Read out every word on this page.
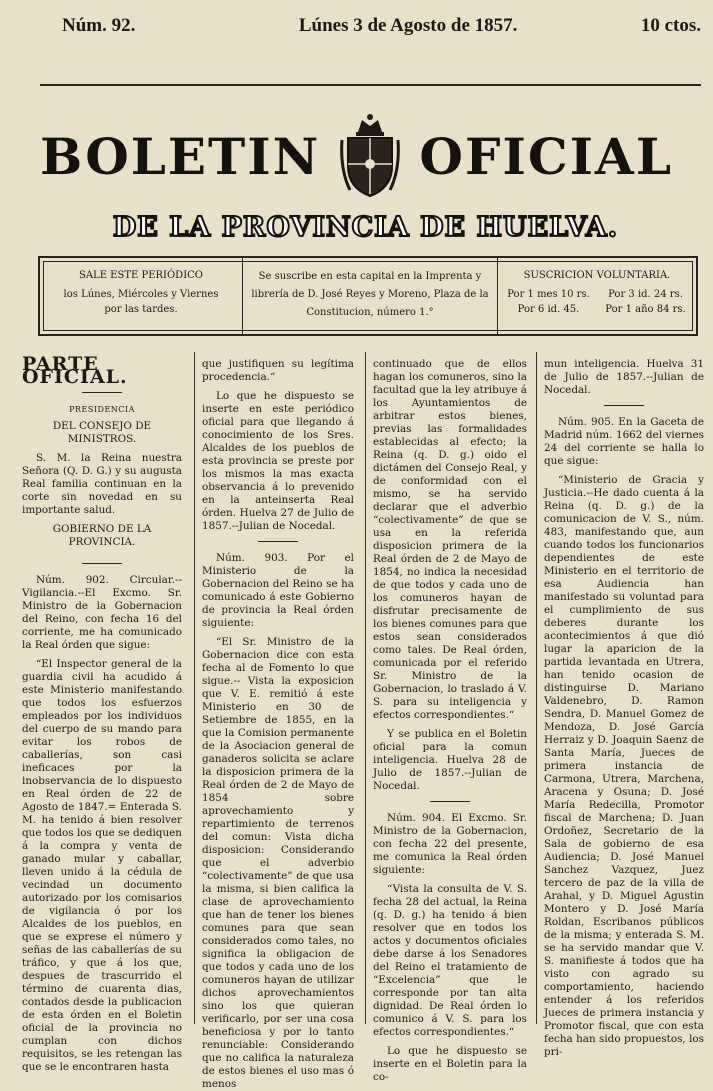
Núm. 92.	Lúnes 3 de Agosto de 1857.	10 ctos.
BOLETIN OFICIAL
DE LA PROVINCIA DE HUELVA.
SALE ESTE PERIÓDICO
los Lúnes, Miércoles y Viernes
por las tardes.
Se suscribe en esta capital en la Imprenta y librería de D. José Reyes y Moreno, Plaza de la Constitucion, número 1.°
SUSCRICION VOLUNTARIA.
Por 1 mes 10 rs.	Por 3 id. 24 rs.
Por 6 id. 45.	Por 1 año 84 rs.
PARTE OFICIAL.
PRESIDENCIA

DEL CONSEJO DE MINISTROS.

S. M. la Reina nuestra Señora (Q. D. G.) y su augusta Real familia continuan en la corte sin novedad en su importante salud.

GOBIERNO DE LA PROVINCIA.

Núm. 902. Circular.--Vigilancia.--El Excmo. Sr. Ministro de la Gobernacion del Reino, con fecha 16 del corriente, me ha comunicado la Real órden que sigue:

“El Inspector general de la guardia civil ha acudido á este Ministerio manifestando que todos los esfuerzos empleados por los individuos del cuerpo de su mando para evitar los robos de caballerías, son casi ineficaces por la inobservancia de lo dispuesto en Real órden de 22 de Agosto de 1847.= Enterada S. M. ha tenido á bien resolver que todos los que se dediquen á la compra y venta de ganado mular y caballar, lleven unido á la cédula de vecindad un documento autorizado por los comisarios de vigilancia ó por los Alcaldes de los pueblos, en que se exprese el número y señas de las caballerías de su tráfico, y que á los que, despues de trascurrido el término de cuarenta dias, contados desde la publicacion de esta órden en el Boletin oficial de la provincia no cumplan con dichos requisitos, se les retengan las que se le encontraren hasta

que justifiquen su legítima procedencia.“

Lo que he dispuesto se inserte en este periódico oficial para que llegando á conocimiento de los Sres. Alcaldes de los pueblos de esta provincia se preste por los mismos la mas exacta observancia á lo prevenido en la anteinserta Real órden. Huelva 27 de Julio de 1857.--Julian de Nocedal.

Núm. 903. Por el Ministerio de la Gobernacion del Reino se ha comunicado á este Gobierno de provincia la Real órden siguiente:

“El Sr. Ministro de la Gobernacion dice con esta fecha al de Fomento lo que sigue.-- Vista la exposicion que V. E. remitió á este Ministerio en 30 de Setiembre de 1855, en la que la Comision permanente de la Asociacion general de ganaderos solicita se aclare la disposicion primera de la Real órden de 2 de Mayo de 1854 sobre aprovechamiento y repartimiento de terrenos del comun: Vista dicha disposicion: Considerando que el adverbio “colectivamente” de que usa la misma, si bien califica la clase de aprovechamiento que han de tener los bienes comunes para que sean considerados como tales, no significa la obligacion de que todos y cada uno de los comuneros hayan de utilizar dichos aprovechamientos sino los que quieran verificarlo, por ser una cosa beneficiosa y por lo tanto renunciable: Considerando que no califica la naturaleza de estos bienes el uso mas ó menos

continuado que de ellos hagan los comuneros, sino la facultad que la ley atribuye á los Ayuntamientos de arbitrar estos bienes, previas las formalidades establecidas al efecto; la Reina (q. D. g.) oido el dictámen del Consejo Real, y de conformidad con el mismo, se ha servido declarar que el adverbio “colectivamente” de que se usa en la referida disposicion primera de la Real órden de 2 de Mayo de 1854, no indica la necesidad de que todos y cada uno de los comuneros hayan de disfrutar precisamente de los bienes comunes para que estos sean considerados como tales. De Real órden, comunicada por el referido Sr. Ministro de la Gobernacion, lo traslado á V. S. para su inteligencia y efectos correspondientes.“

Y se publica en el Boletin oficial para la comun inteligencia. Huelva 28 de Julio de 1857.--Julian de Nocedal.

Núm. 904. El Excmo. Sr. Ministro de la Gobernacion, con fecha 22 del presente, me comunica la Real órden siguiente:

“Vista la consulta de V. S. fecha 28 del actual, la Reina (q. D. g.) ha tenido á bien resolver que en todos los actos y documentos oficiales debe darse á los Senadores del Reino el tratamiento de “Excelencia” que le corresponde por tan alta dignidad. De Real órden lo comunico á V. S. para los efectos correspondientes.“

Lo que he dispuesto se inserte en el Boletin para la co-

mun inteligencia. Huelva 31 de Julio de 1857.--Julian de Nocedal.

Núm. 905. En la Gaceta de Madrid núm. 1662 del viernes 24 del corriente se halla lo que sigue:

“Ministerio de Gracia y Justicia.--He dado cuenta á la Reina (q. D. g.) de la comunicacion de V. S., núm. 483, manifestando que, aun cuando todos los funcionarios dependientes de este Ministerio en el territorio de esa Audiencia han manifestado su voluntad para el cumplimiento de sus deberes durante los acontecimientos á que dió lugar la aparicion de la partida levantada en Utrera, han tenido ocasion de distinguirse D. Mariano Valdenebro, D. Ramon Sendra, D. Manuel Gomez de Mendoza, D. José García Herraiz y D. Joaquin Saenz de Santa María, Jueces de primera instancia de Carmona, Utrera, Marchena, Aracena y Osuna; D. José María Redecilla, Promotor fiscal de Marchena; D. Juan Ordoñez, Secretario de la Sala de gobierno de esa Audiencia; D. José Manuel Sanchez Vazquez, Juez tercero de paz de la villa de Arahal, y D. Miguel Agustin Montero y D. José María Roldan, Escribanos públicos de la misma; y enterada S. M. se ha servido mandar que V. S. manifieste á todos que ha visto con agrado su comportamiento, haciendo entender á los referidos Jueces de primera instancia y Promotor fiscal, que con esta fecha han sido propuestos, los pri-
